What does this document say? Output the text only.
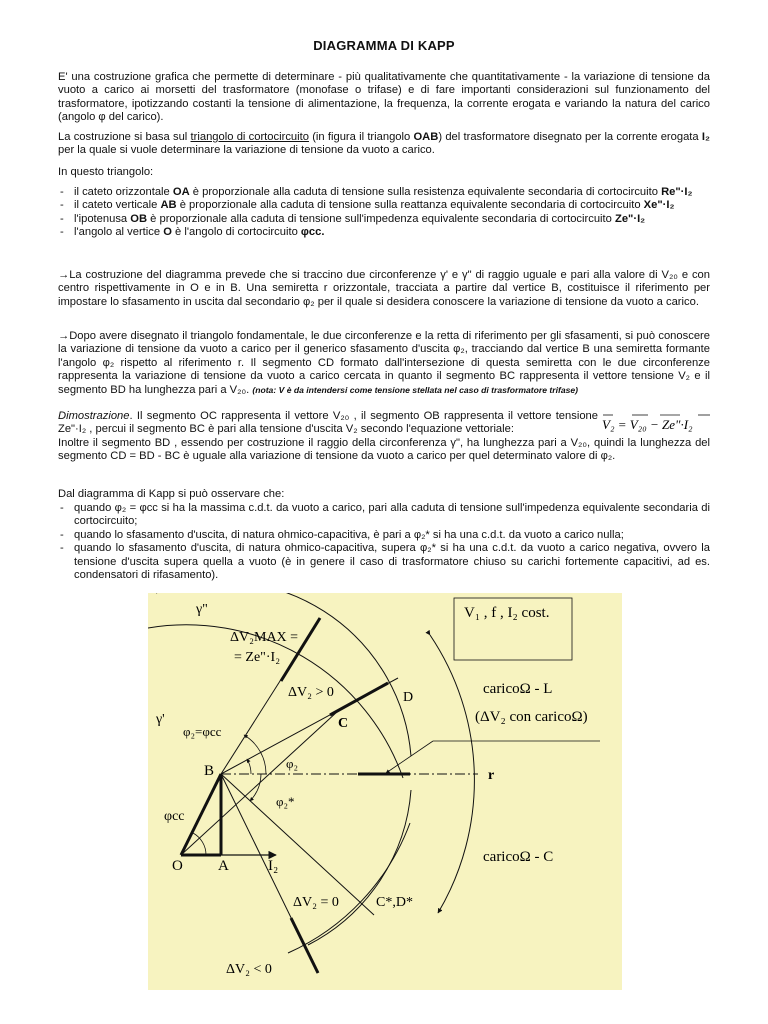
DIAGRAMMA DI KAPP

E' una costruzione grafica che permette di determinare - più qualitativamente che quantitativamente - la variazione di tensione da vuoto a carico ai morsetti del trasformatore (monofase o trifase) e di fare importanti considerazioni sul funzionamento del trasformatore, ipotizzando costanti la tensione di alimentazione, la frequenza, la corrente erogata e variando la natura del carico (angolo φ del carico).

La costruzione si basa sul triangolo di cortocircuito (in figura il triangolo OAB) del trasformatore disegnato per la corrente erogata I₂ per la quale si vuole determinare la variazione di tensione da vuoto a carico.

In questo triangolo:

- il cateto orizzontale OA è proporzionale alla caduta di tensione sulla resistenza equivalente secondaria di cortocircuito Re"·I₂
- il cateto verticale AB è proporzionale alla caduta di tensione sulla reattanza equivalente secondaria di cortocircuito Xe"·I₂
- l'ipotenusa OB è proporzionale alla caduta di tensione sull'impedenza equivalente secondaria di cortocircuito Ze"·I₂
- l'angolo al vertice O è l'angolo di cortocircuito φcc.

→La costruzione del diagramma prevede che si traccino due circonferenze γ' e γ" di raggio uguale e pari alla valore di V₂₀ e con centro rispettivamente in O e in B. Una semiretta r orizzontale, tracciata a partire dal vertice B, costituisce il riferimento per impostare lo sfasamento in uscita dal secondario φ₂ per il quale si desidera conoscere la variazione di tensione da vuoto a carico.

→Dopo avere disegnato il triangolo fondamentale, le due circonferenze e la retta di riferimento per gli sfasamenti, si può conoscere la variazione di tensione da vuoto a carico per il generico sfasamento d'uscita φ₂, tracciando dal vertice B una semiretta formante l'angolo φ₂ rispetto al riferimento r. Il segmento CD formato dall'intersezione di questa semiretta con le due circonferenze rappresenta la variazione di tensione da vuoto a carico cercata in quanto il segmento BC rappresenta il vettore tensione V₂ e il segmento BD ha lunghezza pari a V₂₀. (nota: V è da intendersi come tensione stellata nel caso di trasformatore trifase)

Dimostrazione. Il segmento OC rappresenta il vettore V₂₀ , il segmento OB rappresenta il vettore tensione Ze"·I₂ , percui il segmento BC è pari alla tensione d'uscita V₂ secondo l'equazione vettoriale:	V₂ = V₂₀ − Ze"·I₂

Inoltre il segmento BD , essendo per costruzione il raggio della circonferenza γ", ha lunghezza pari a V₂₀, quindi la lunghezza del segmento CD = BD - BC è uguale alla variazione di tensione da vuoto a carico per quel determinato valore di φ₂.

Dal diagramma di Kapp si può osservare che:

- quando φ₂ = φcc si ha la massima c.d.t. da vuoto a carico, pari alla caduta di tensione sull'impedenza equivalente secondaria di cortocircuito;
- quando lo sfasamento d'uscita, di natura ohmico-capacitiva, è pari a φ₂* si ha una c.d.t. da vuoto a carico nulla;
- quando lo sfasamento d'uscita, di natura ohmico-capacitiva, supera φ₂* si ha una c.d.t. da vuoto a carico negativa, ovvero la tensione d'uscita supera quella a vuoto (è in genere il caso di trasformatore chiuso su carichi fortemente capacitivi, ad es. condensatori di rifasamento).
V₁ , f , I₂ cost.
γ"
γ'
ΔV₂MAX =
= Ze"·I₂
ΔV₂ > 0
C
D
φ₂=φcc
φ₂
φ₂*
B
φcc
O A	I₂
r
ΔV₂ = 0	C*,D*
ΔV₂ < 0
caricoΩ - L
(ΔV₂ con caricoΩ)
caricoΩ - C
